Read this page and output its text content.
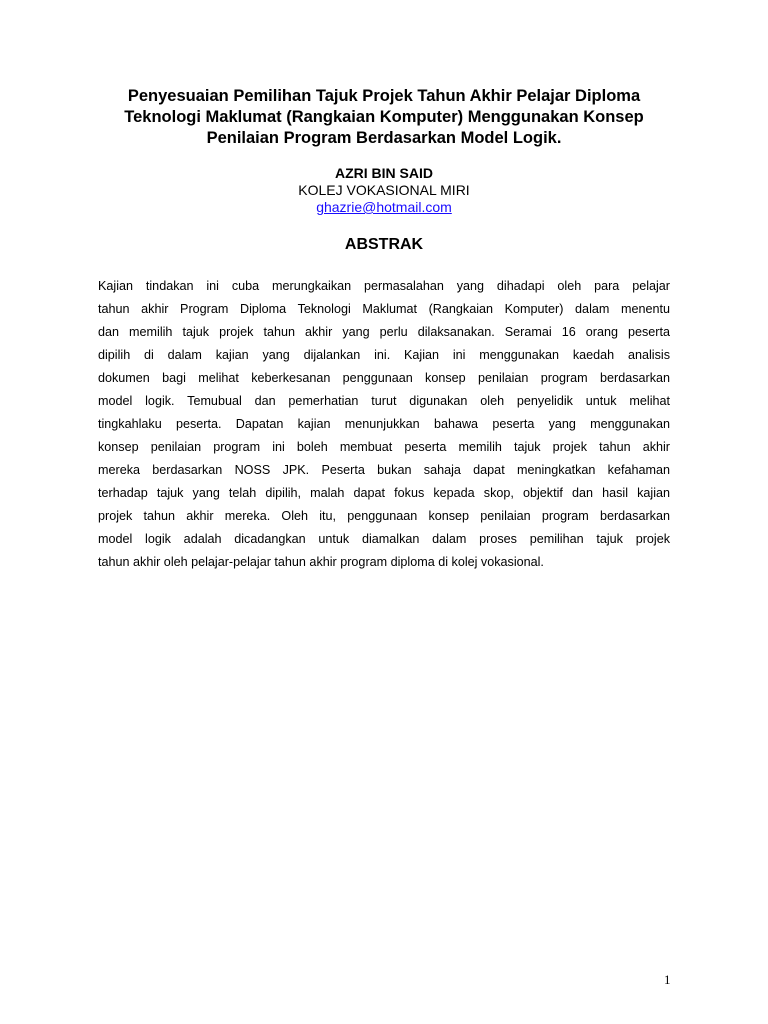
Penyesuaian Pemilihan Tajuk Projek Tahun Akhir Pelajar Diploma
Teknologi Maklumat (Rangkaian Komputer) Menggunakan Konsep
Penilaian Program Berdasarkan Model Logik.
AZRI BIN SAID
KOLEJ VOKASIONAL MIRI
ghazrie@hotmail.com
ABSTRAK
Kajian tindakan ini cuba merungkaikan permasalahan yang dihadapi oleh para pelajar
tahun akhir Program Diploma Teknologi Maklumat (Rangkaian Komputer) dalam menentu
dan memilih tajuk projek tahun akhir yang perlu dilaksanakan. Seramai 16 orang peserta
dipilih di dalam kajian yang dijalankan ini. Kajian ini menggunakan kaedah analisis
dokumen bagi melihat keberkesanan penggunaan konsep penilaian program berdasarkan
model logik. Temubual dan pemerhatian turut digunakan oleh penyelidik untuk melihat
tingkahlaku peserta. Dapatan kajian menunjukkan bahawa peserta yang menggunakan
konsep penilaian program ini boleh membuat peserta memilih tajuk projek tahun akhir
mereka berdasarkan NOSS JPK. Peserta bukan sahaja dapat meningkatkan kefahaman
terhadap tajuk yang telah dipilih, malah dapat fokus kepada skop, objektif dan hasil kajian
projek tahun akhir mereka. Oleh itu, penggunaan konsep penilaian program berdasarkan
model logik adalah dicadangkan untuk diamalkan dalam proses pemilihan tajuk projek
tahun akhir oleh pelajar-pelajar tahun akhir program diploma di kolej vokasional.
1
